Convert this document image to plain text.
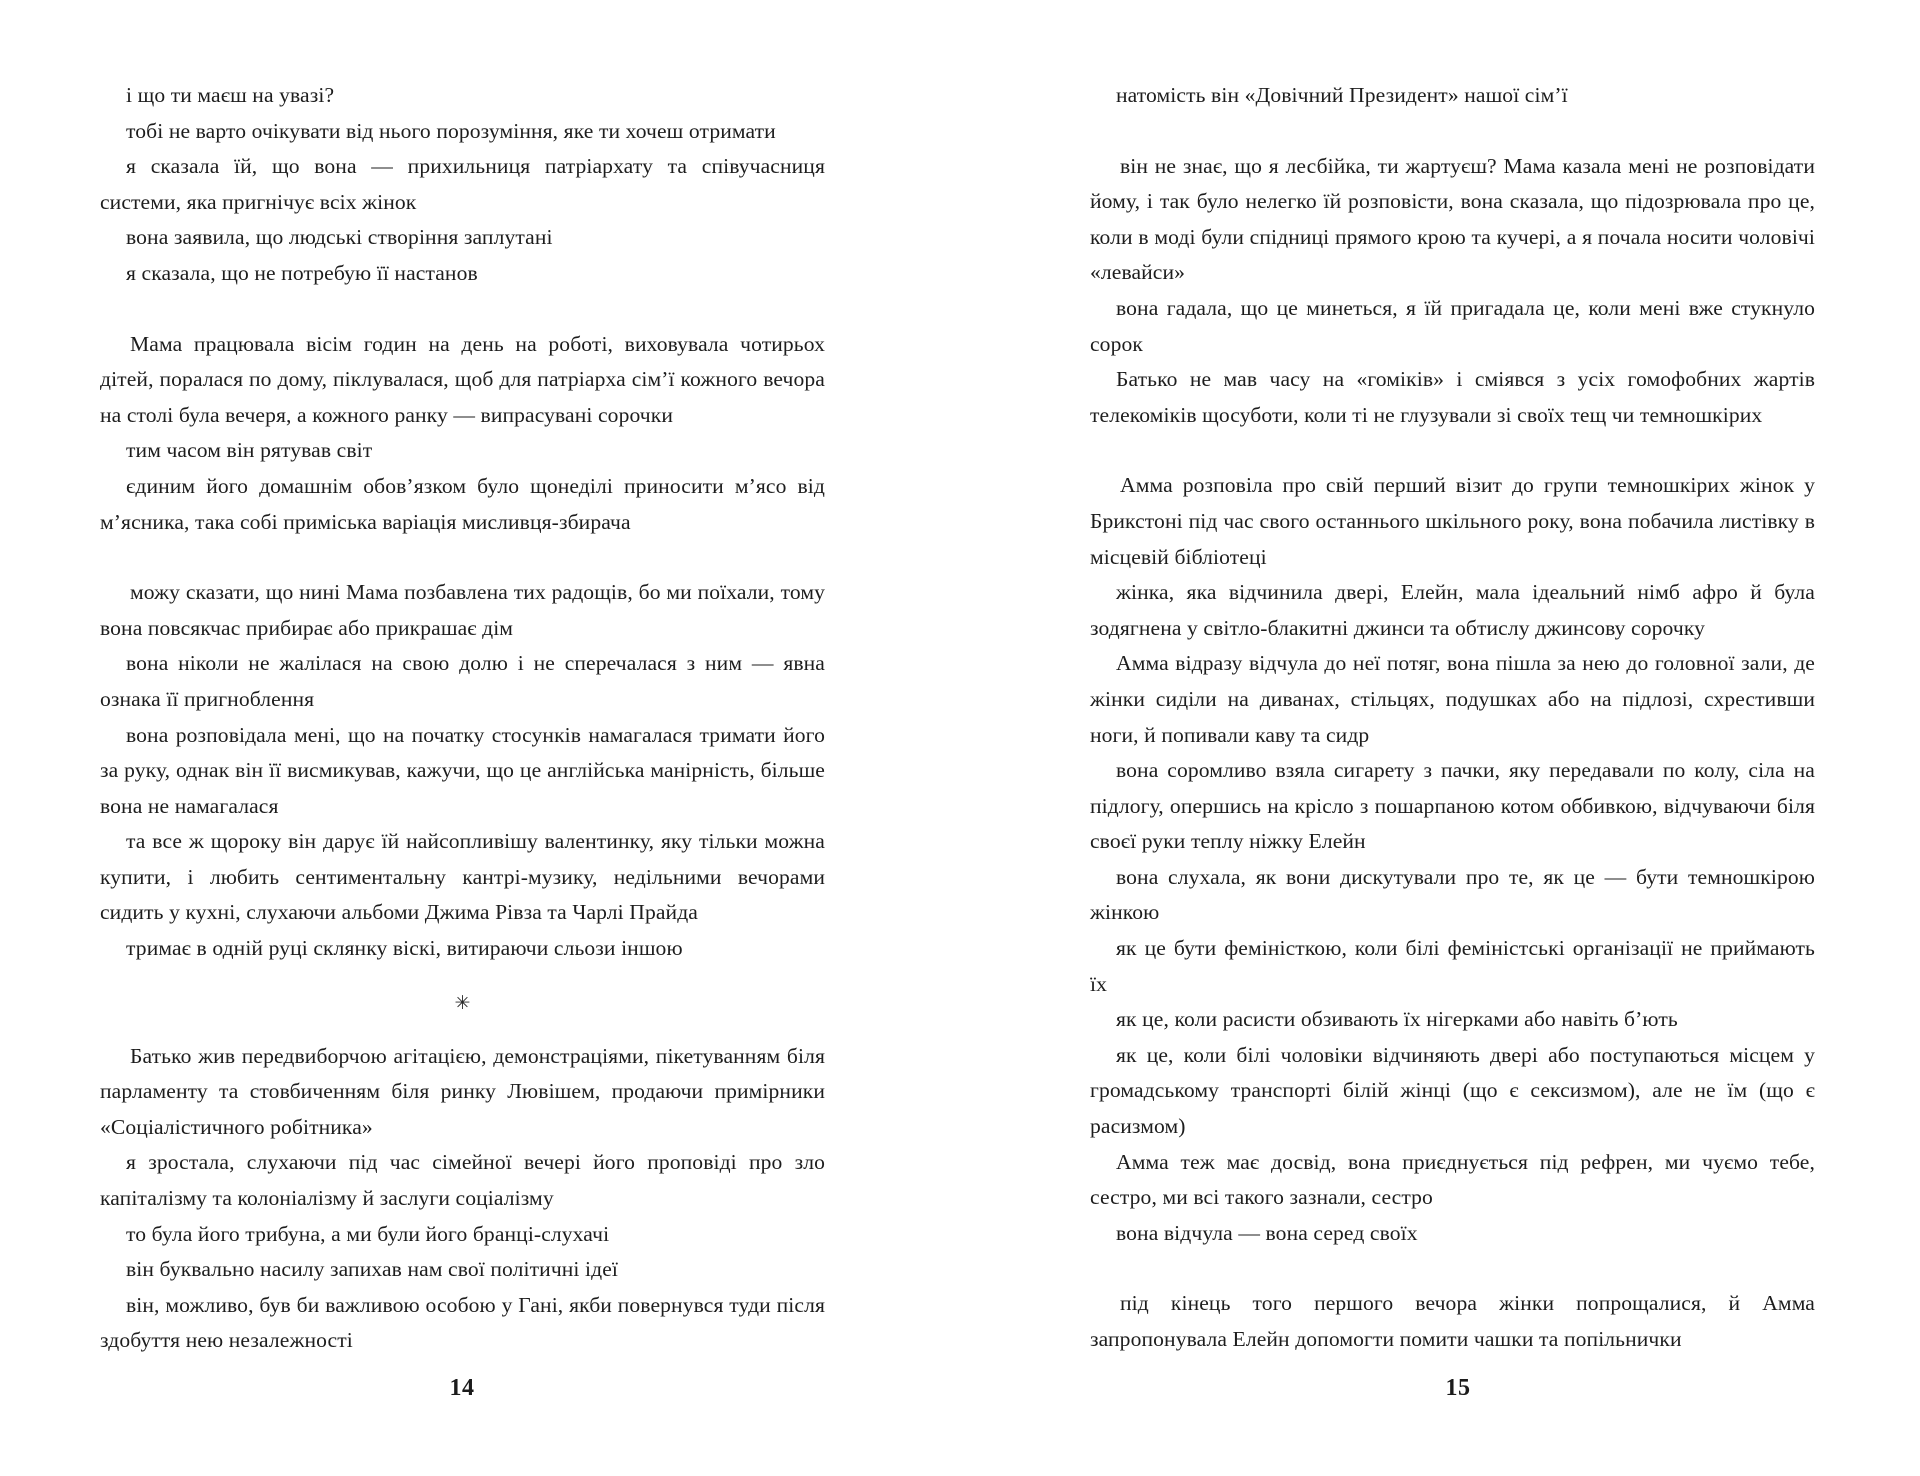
і що ти маєш на увазі?

тобі не варто очікувати від нього порозуміння, яке ти хочеш отримати

я сказала їй, що вона — прихильниця патріархату та співучасниця системи, яка пригнічує всіх жінок

вона заявила, що людські створіння заплутані

я сказала, що не потребую її настанов

Мама працювала вісім годин на день на роботі, виховувала чотирьох дітей, поралася по дому, піклувалася, щоб для патріарха сім’ї кожного вечора на столі була вечеря, а кожного ранку — випрасувані сорочки

тим часом він рятував світ

єдиним його домашнім обов’язком було щонеділі приносити м’ясо від м’ясника, така собі приміська варіація мисливця-збирача

можу сказати, що нині Мама позбавлена тих радощів, бо ми поїхали, тому вона повсякчас прибирає або прикрашає дім

вона ніколи не жалілася на свою долю і не сперечалася з ним — явна ознака її пригноблення

вона розповідала мені, що на початку стосунків намагалася тримати його за руку, однак він її висмикував, кажучи, що це англійська манірність, більше вона не намагалася

та все ж щороку він дарує їй найсопливішу валентинку, яку тільки можна купити, і любить сентиментальну кантрі-музику, недільними вечорами сидить у кухні, слухаючи альбоми Джима Рівза та Чарлі Прайда

тримає в одній руці склянку віскі, витираючи сльози іншою

✳

Батько жив передвиборчою агітацією, демонстраціями, пікетуванням біля парламенту та стовбиченням біля ринку Лювішем, продаючи примірники «Соціалістичного робітника»

я зростала, слухаючи під час сімейної вечері його проповіді про зло капіталізму та колоніалізму й заслуги соціалізму

то була його трибуна, а ми були його бранці-слухачі

він буквально насилу запихав нам свої політичні ідеї

він, можливо, був би важливою особою у Гані, якби повернувся туди після здобуття нею незалежності

14

натомість він «Довічний Президент» нашої сім’ї

він не знає, що я лесбійка, ти жартуєш? Мама казала мені не розповідати йому, і так було нелегко їй розповісти, вона сказала, що підозрювала про це, коли в моді були спідниці прямого крою та кучері, а я почала носити чоловічі «левайси»

вона гадала, що це минеться, я їй пригадала це, коли мені вже стукнуло сорок

Батько не мав часу на «гоміків» і сміявся з усіх гомофобних жартів телекоміків щосуботи, коли ті не глузували зі своїх тещ чи темношкірих

Амма розповіла про свій перший візит до групи темношкірих жінок у Брикстоні під час свого останнього шкільного року, вона побачила листівку в місцевій бібліотеці

жінка, яка відчинила двері, Елейн, мала ідеальний німб афро й була зодягнена у світло-блакитні джинси та обтислу джинсову сорочку

Амма відразу відчула до неї потяг, вона пішла за нею до головної зали, де жінки сиділи на диванах, стільцях, подушках або на підлозі, схрестивши ноги, й попивали каву та сидр

вона соромливо взяла сигарету з пачки, яку передавали по колу, сіла на підлогу, опершись на крісло з пошарпаною котом оббивкою, відчуваючи біля своєї руки теплу ніжку Елейн

вона слухала, як вони дискутували про те, як це — бути темношкірою жінкою

як це бути феміністкою, коли білі феміністські організації не приймають їх

як це, коли расисти обзивають їх нігерками або навіть б’ють

як це, коли білі чоловіки відчиняють двері або поступаються місцем у громадському транспорті білій жінці (що є сексизмом), але не їм (що є расизмом)

Амма теж має досвід, вона приєднується під рефрен, ми чуємо тебе, сестро, ми всі такого зазнали, сестро

вона відчула — вона серед своїх

під кінець того першого вечора жінки попрощалися, й Амма запропонувала Елейн допомогти помити чашки та попільнички

15
